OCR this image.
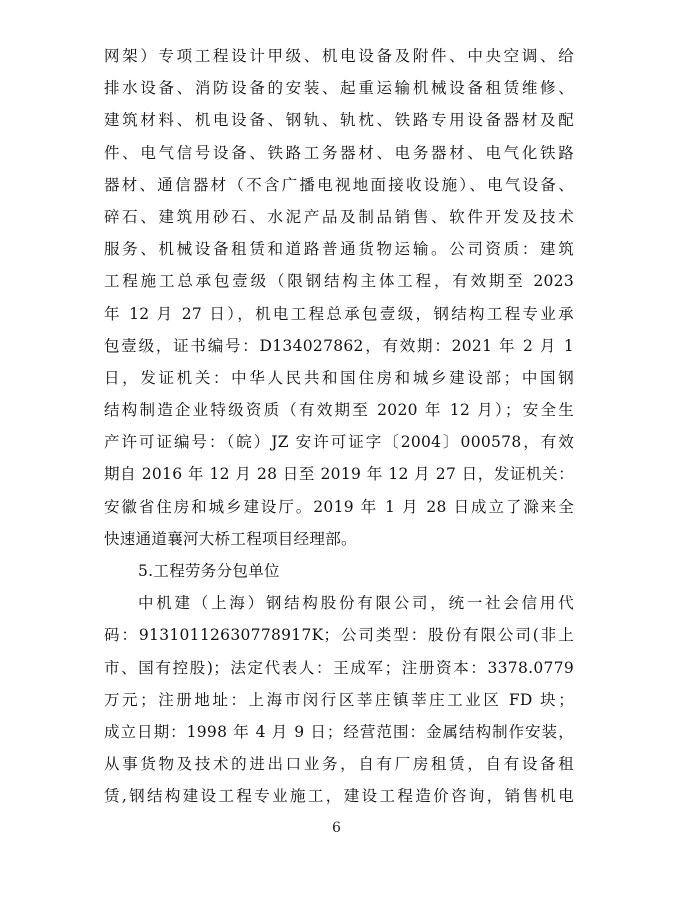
网架）专项工程设计甲级、机电设备及附件、中央空调、给
排水设备、消防设备的安装、起重运输机械设备租赁维修、
建筑材料、机电设备、钢轨、轨枕、铁路专用设备器材及配
件、电气信号设备、铁路工务器材、电务器材、电气化铁路
器材、通信器材（不含广播电视地面接收设施）、电气设备、
碎石、建筑用砂石、水泥产品及制品销售、软件开发及技术
服务、机械设备租赁和道路普通货物运输。公司资质：建筑
工程施工总承包壹级（限钢结构主体工程，有效期至 2023
年 12 月 27 日），机电工程总承包壹级，钢结构工程专业承
包壹级，证书编号：D134027862，有效期：2021 年 2 月 1
日，发证机关：中华人民共和国住房和城乡建设部；中国钢
结构制造企业特级资质（有效期至 2020 年 12 月）；安全生
产许可证编号：（皖）JZ 安许可证字〔2004〕000578，有效
期自 2016 年 12 月 28 日至 2019 年 12 月 27 日，发证机关：
安徽省住房和城乡建设厅。2019 年 1 月 28 日成立了滁来全
快速通道襄河大桥工程项目经理部。
5.工程劳务分包单位
中机建（上海）钢结构股份有限公司，统一社会信用代
码：91310112630778917K；公司类型：股份有限公司(非上
市、国有控股)；法定代表人：王成军；注册资本：3378.0779
万元；注册地址：上海市闵行区莘庄镇莘庄工业区 FD 块；
成立日期：1998 年 4 月 9 日；经营范围：金属结构制作安装，
从事货物及技术的进出口业务，自有厂房租赁，自有设备租
赁,钢结构建设工程专业施工，建设工程造价咨询，销售机电
6
